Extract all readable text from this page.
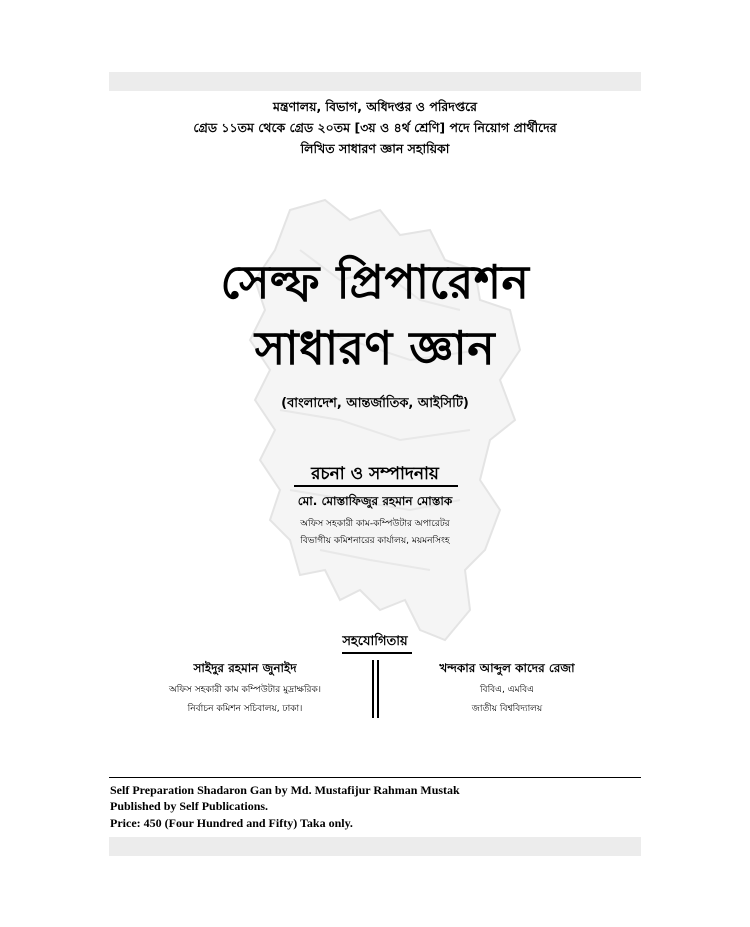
মন্ত্রণালয়, বিভাগ, অধিদপ্তর ও পরিদপ্তরে
গ্রেড ১১তম থেকে গ্রেড ২০তম [৩য় ও ৪র্থ শ্রেণি] পদে নিয়োগ প্রার্থীদের
লিখিত সাধারণ জ্ঞান সহায়িকা
সেল্ফ প্রিপারেশন
সাধারণ জ্ঞান
(বাংলাদেশ, আন্তর্জাতিক, আইসিটি)
রচনা ও সম্পাদনায়
মো. মোস্তাফিজুর রহমান মোস্তাক
অফিস সহকারী কাম-কম্পিউটার অপারেটর
বিভাগীয় কমিশনারের কার্যালয়, ময়মনসিংহ
সহযোগিতায়
সাইদুর রহমান জুনাইদ
অফিস সহকারী কাম কম্পিউটার মুদ্রাক্ষরিক।
নির্বাচন কমিশন সচিবালয়, ঢাকা।
খন্দকার আব্দুল কাদের রেজা
বিবিএ, এমবিএ
জাতীয় বিশ্ববিদ্যালয়
Self Preparation Shadaron Gan by Md. Mustafijur Rahman Mustak
Published by Self Publications.
Price: 450 (Four Hundred and Fifty) Taka only.
